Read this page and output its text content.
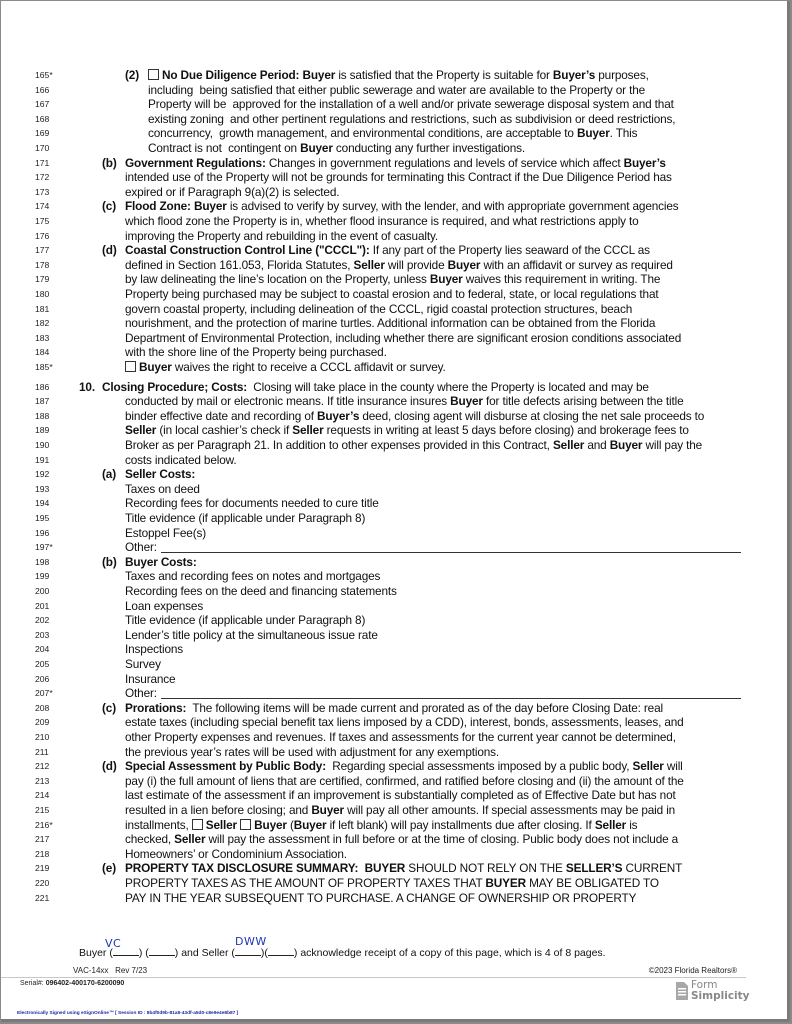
165*	(2)	No Due Diligence Period: Buyer is satisfied that the Property is suitable for Buyer’s purposes,
166	including  being satisfied that either public sewerage and water are available to the Property or the
167	Property will be  approved for the installation of a well and/or private sewerage disposal system and that
168	existing zoning  and other pertinent regulations and restrictions, such as subdivision or deed restrictions,
169	concurrency,  growth management, and environmental conditions, are acceptable to Buyer. This
170	Contract is not  contingent on Buyer conducting any further investigations.
171	(b) Government Regulations: Changes in government regulations and levels of service which affect Buyer’s
172	intended use of the Property will not be grounds for terminating this Contract if the Due Diligence Period has
173	expired or if Paragraph 9(a)(2) is selected.
174	(c) Flood Zone: Buyer is advised to verify by survey, with the lender, and with appropriate government agencies
175	which flood zone the Property is in, whether flood insurance is required, and what restrictions apply to
176	improving the Property and rebuilding in the event of casualty.
177	(d) Coastal Construction Control Line ("CCCL"): If any part of the Property lies seaward of the CCCL as
178	defined in Section 161.053, Florida Statutes, Seller will provide Buyer with an affidavit or survey as required
179	by law delineating the line’s location on the Property, unless Buyer waives this requirement in writing. The
180	Property being purchased may be subject to coastal erosion and to federal, state, or local regulations that
181	govern coastal property, including delineation of the CCCL, rigid coastal protection structures, beach
182	nourishment, and the protection of marine turtles. Additional information can be obtained from the Florida
183	Department of Environmental Protection, including whether there are significant erosion conditions associated
184	with the shore line of the Property being purchased.
185*	Buyer waives the right to receive a CCCL affidavit or survey.
186	10. Closing Procedure; Costs:  Closing will take place in the county where the Property is located and may be
187	conducted by mail or electronic means. If title insurance insures Buyer for title defects arising between the title
188	binder effective date and recording of Buyer’s deed, closing agent will disburse at closing the net sale proceeds to
189	Seller (in local cashier’s check if Seller requests in writing at least 5 days before closing) and brokerage fees to
190	Broker as per Paragraph 21. In addition to other expenses provided in this Contract, Seller and Buyer will pay the
191	costs indicated below.
192	(a) Seller Costs:
193	Taxes on deed
194	Recording fees for documents needed to cure title
195	Title evidence (if applicable under Paragraph 8)
196	Estoppel Fee(s)
197*	Other:
198	(b) Buyer Costs:
199	Taxes and recording fees on notes and mortgages
200	Recording fees on the deed and financing statements
201	Loan expenses
202	Title evidence (if applicable under Paragraph 8)
203	Lender’s title policy at the simultaneous issue rate
204	Inspections
205	Survey
206	Insurance
207*	Other:
208	(c) Prorations:  The following items will be made current and prorated as of the day before Closing Date: real
209	estate taxes (including special benefit tax liens imposed by a CDD), interest, bonds, assessments, leases, and
210	other Property expenses and revenues. If taxes and assessments for the current year cannot be determined,
211	the previous year’s rates will be used with adjustment for any exemptions.
212	(d) Special Assessment by Public Body:  Regarding special assessments imposed by a public body, Seller will
213	pay (i) the full amount of liens that are certified, confirmed, and ratified before closing and (ii) the amount of the
214	last estimate of the assessment if an improvement is substantially completed as of Effective Date but has not
215	resulted in a lien before closing; and Buyer will pay all other amounts. If special assessments may be paid in
216*	installments, Seller Buyer (Buyer if left blank) will pay installments due after closing. If Seller is
217	checked, Seller will pay the assessment in full before or at the time of closing. Public body does not include a
218	Homeowners’ or Condominium Association.
219	(e) PROPERTY TAX DISCLOSURE SUMMARY: BUYER SHOULD NOT RELY ON THE SELLER’S CURRENT
220	PROPERTY TAXES AS THE AMOUNT OF PROPERTY TAXES THAT BUYER MAY BE OBLIGATED TO
221	PAY IN THE YEAR SUBSEQUENT TO PURCHASE. A CHANGE OF OWNERSHIP OR PROPERTY
Buyer ( ) ( ) and Seller ( )( ) acknowledge receipt of a copy of this page, which is 4 of 8 pages.
VC	DWW
VAC-14xx Rev 7/23	©2023 Florida Realtors®
Serial#: 096402-400170-6200090	Form
Simplicity
Electronically Signed using eSignOnline™ [ Session ID : 8b4f0d9b-81a8-43df-a5d0-c8e9e4e8b87 ]
